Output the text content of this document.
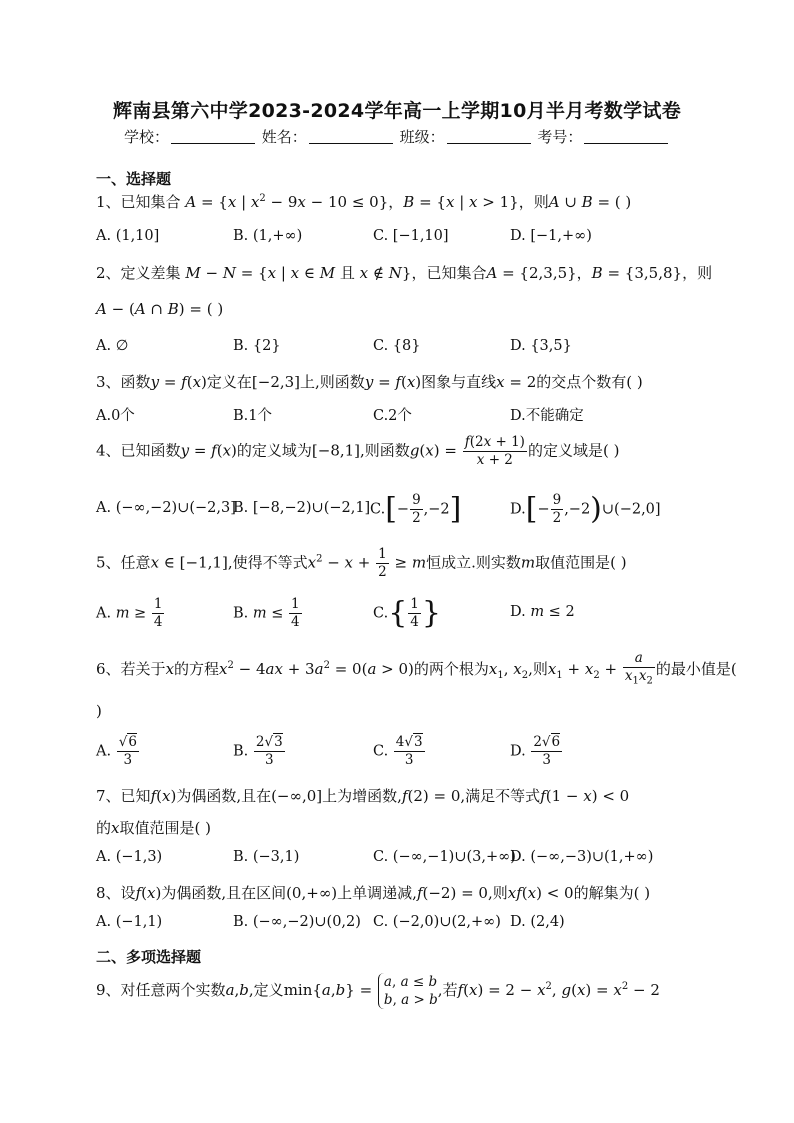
辉南县第六中学2023-2024学年高一上学期10月半月考数学试卷
学校：	姓名：	班级：	考号：
一、选择题
1、已知集合 A = {x | $x^2 - 9x - 10 \le 0$}，B = {x | x > 1}，则A ∪ B = ( )
A. (1,10]	B. (1,+∞)	C. [−1,10]	D. [−1,+∞)
2、定义差集 M − N = {x | x ∈ M 且 x ∉ N}，已知集合A = {2,3,5}，B = {3,5,8}，则
A − (A ∩ B) = ( )
A. ∅	B. {2}	C. {8}	D. {3,5}
3、函数y = f(x)定义在[−2,3]上,则函数y = f(x)图象与直线x = 2的交点个数有( )
A.0个	B.1个	C.2个	D.不能确定
4、已知函数y = f(x)的定义域为[−8,1],则函数$g(x) = \frac{f(2x + 1)}{x + 2}$ 的定义域是( )
A. (−∞,−2)∪(−2,3]
B. [−8,−2)∪(−2,1] $C.[- \frac{9}{2} ,-2]$	$D.[- \frac{9}{2}$ ,−2)∪(−2,0]
5、任意x ∈ [−1,1],使得不等式$x^2 - x + \frac{1}{2} \ge m$恒成立.则实数m取值范围是( )
A. $m \ge \frac{1}{4}$	B. $m \le \frac{1}{4}$	$C.\{ \frac{1}{4}$ }	D. m ≤ 2
6、若关于x的方程$x^2 - 4ax + 3a^2 = 0(a > 0)$的两个根为$x_1$, $x_2$,则$x_1 + x_2 + \frac{a}{x_1x_2}$ 的最小值是(
)
A. $\frac{√6}{3}$	B. $\frac{2√3}{3}$	C. $\frac{4√3}{3}$	D. $\frac{2√6}{3}$
7、已知f(x)为偶函数,且在(−∞,0]上为增函数,f(2) = 0,满足不等式f(1 − x) < 0
的x取值范围是( )
A. (−1,3)	B. (−3,1)	C. (−∞,−1)∪(3,+∞)
D. (−∞,−3)∪(1,+∞)
8、设f(x)为偶函数,且在区间(0,+∞)上单调递减,f(−2) = 0,则xf(x) < 0的解集为( )
A. (−1,1)	B. (−∞,−2)∪(0,2) C. (−2,0)∪(2,+∞) D. (2,4)
二、多项选择题
9、对任意两个实数a,b,定义min{a,b} = a, a ≤ b
b, a > b
,若$f(x) = 2 - x^2$, $g(x) = x^2 - 2$
